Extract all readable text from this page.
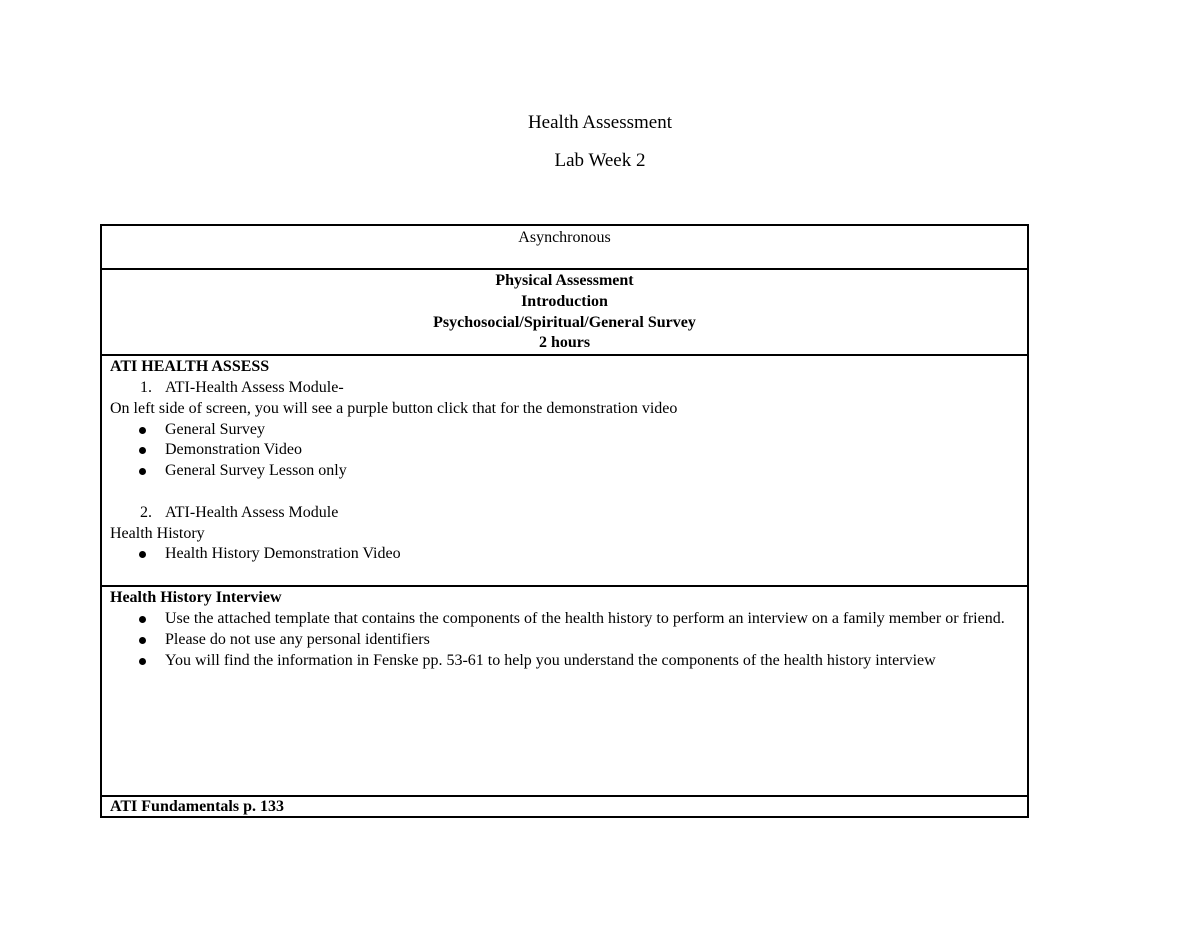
Health Assessment
Lab Week 2
Asynchronous

Physical Assessment
Introduction
Psychosocial/Spiritual/General Survey
2 hours

ATI HEALTH ASSESS
1. ATI-Health Assess Module-
On left side of screen, you will see a purple button click that for the demonstration video
General Survey
Demonstration Video
General Survey Lesson only
2. ATI-Health Assess Module
Health History
Health History Demonstration Video

Health History Interview
Use the attached template that contains the components of the health history to perform an interview on a family member or friend.
Please do not use any personal identifiers
You will find the information in Fenske pp. 53-61 to help you understand the components of the health history interview

ATI Fundamentals p. 133
